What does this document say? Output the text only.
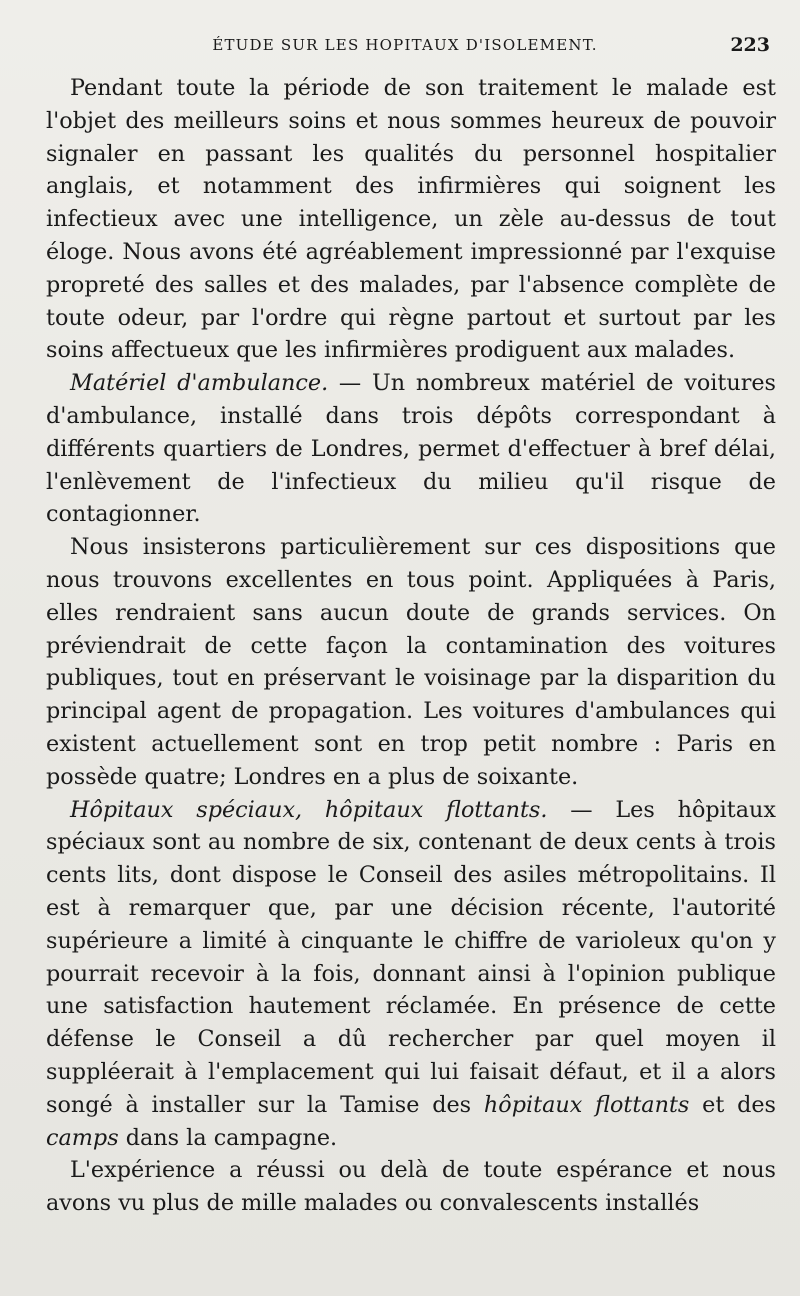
ÉTUDE SUR LES HOPITAUX D'ISOLEMENT.	223

Pendant toute la période de son traitement le malade est l'objet des meilleurs soins et nous sommes heureux de pouvoir signaler en passant les qualités du personnel hospitalier anglais, et notamment des infirmières qui soignent les infectieux avec une intelligence, un zèle au-dessus de tout éloge. Nous avons été agréablement impressionné par l'exquise propreté des salles et des malades, par l'absence complète de toute odeur, par l'ordre qui règne partout et surtout par les soins affectueux que les infirmières prodiguent aux malades.

Matériel d'ambulance. — Un nombreux matériel de voitures d'ambulance, installé dans trois dépôts correspondant à différents quartiers de Londres, permet d'effectuer à bref délai, l'enlèvement de l'infectieux du milieu qu'il risque de contagionner.

Nous insisterons particulièrement sur ces dispositions que nous trouvons excellentes en tous point. Appliquées à Paris, elles rendraient sans aucun doute de grands services. On préviendrait de cette façon la contamination des voitures publiques, tout en préservant le voisinage par la disparition du principal agent de propagation. Les voitures d'ambulances qui existent actuellement sont en trop petit nombre : Paris en possède quatre; Londres en a plus de soixante.

Hôpitaux spéciaux, hôpitaux flottants. — Les hôpitaux spéciaux sont au nombre de six, contenant de deux cents à trois cents lits, dont dispose le Conseil des asiles métropolitains. Il est à remarquer que, par une décision récente, l'autorité supérieure a limité à cinquante le chiffre de varioleux qu'on y pourrait recevoir à la fois, donnant ainsi à l'opinion publique une satisfaction hautement réclamée. En présence de cette défense le Conseil a dû rechercher par quel moyen il suppléerait à l'emplacement qui lui faisait défaut, et il a alors songé à installer sur la Tamise des hôpitaux flottants et des camps dans la campagne.

L'expérience a réussi ou delà de toute espérance et nous avons vu plus de mille malades ou convalescents installés
